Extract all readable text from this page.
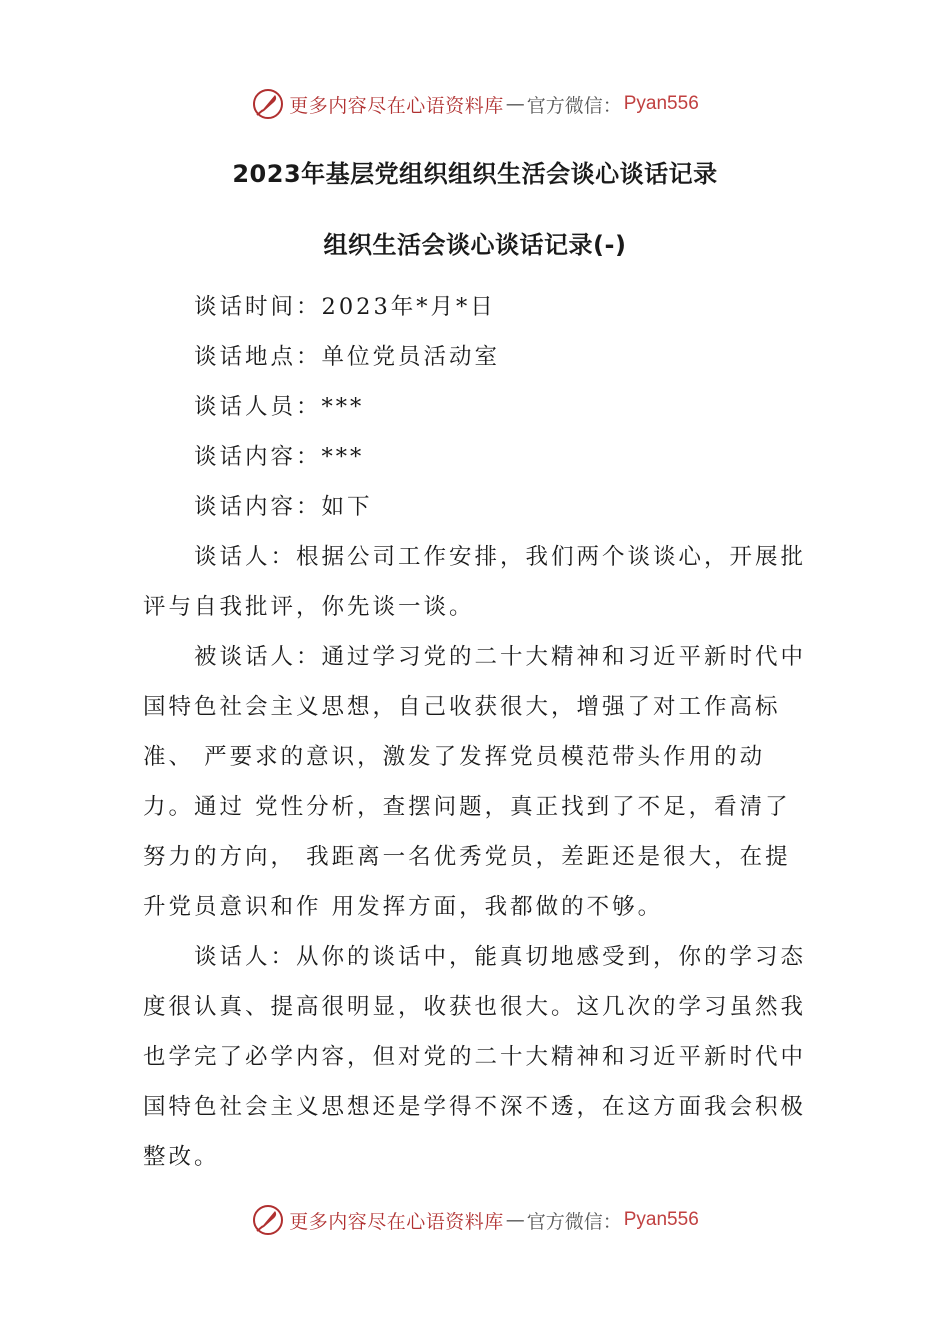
更多内容尽在心语资料库 — 官方微信： Pyan556
2023年基层党组织组织生活会谈心谈话记录
组织生活会谈心谈话记录(-)

谈话时间：2023年*月*日

谈话地点：单位党员活动室

谈话人员：***

谈话内容：***

谈话内容：如下

谈话人：根据公司工作安排，我们两个谈谈心，开展批评与自我批评，你先谈一谈。

被谈话人：通过学习党的二十大精神和习近平新时代中国特色社会主义思想，自己收获很大，增强了对工作高标准、 严要求的意识，激发了发挥党员模范带头作用的动力。通过 党性分析，查摆问题，真正找到了不足，看清了努力的方向， 我距离一名优秀党员，差距还是很大，在提升党员意识和作 用发挥方面，我都做的不够。

谈话人：从你的谈话中，能真切地感受到，你的学习态度很认真、提高很明显，收获也很大。这几次的学习虽然我也学完了必学内容，但对党的二十大精神和习近平新时代中国特色社会主义思想还是学得不深不透，在这方面我会积极整改。

更多内容尽在心语资料库 — 官方微信： Pyan556
